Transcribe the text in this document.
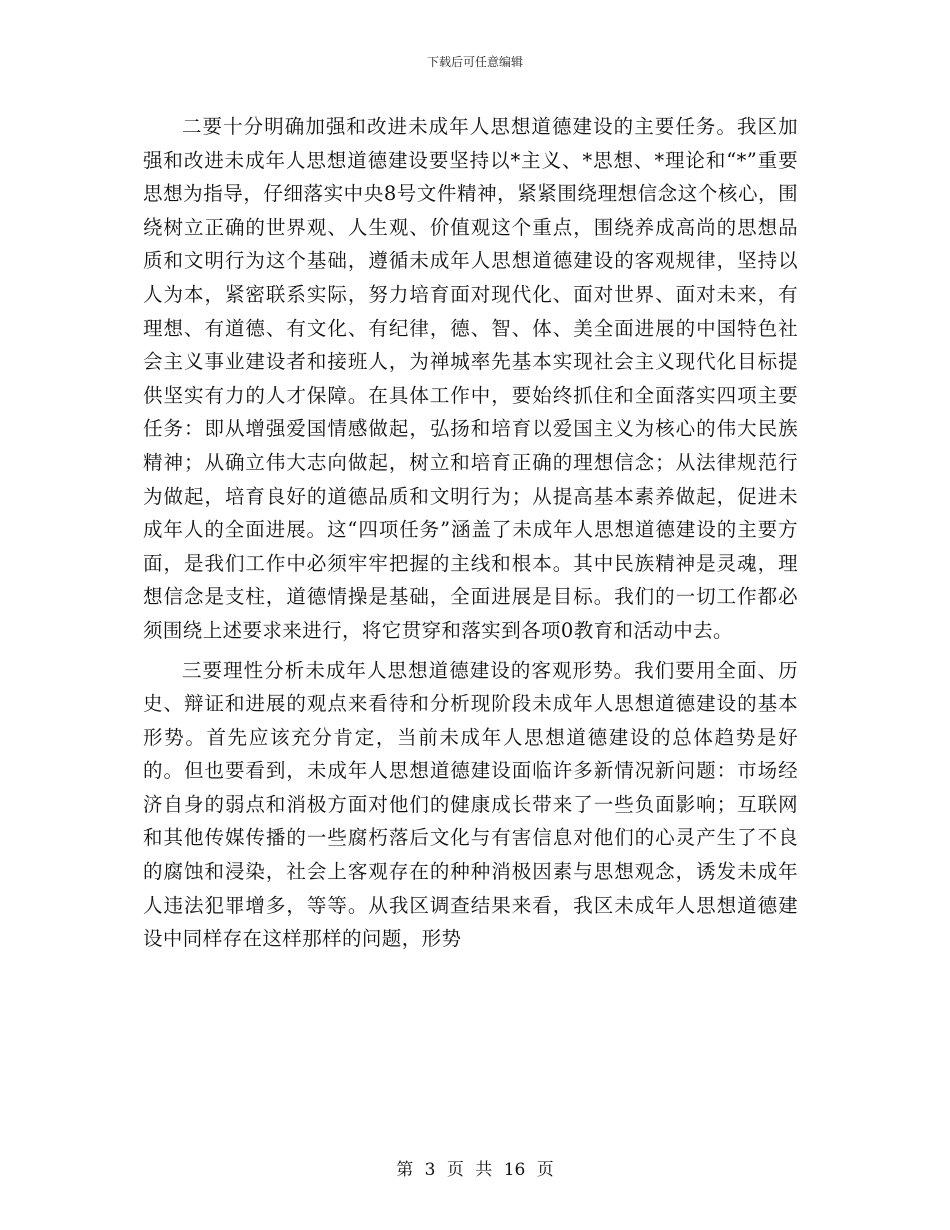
下载后可任意编辑

二要十分明确加强和改进未成年人思想道德建设的主要任务。我区加强和改进未成年人思想道德建设要坚持以*主义、*思想、*理论和“*”重要思想为指导，仔细落实中央8号文件精神，紧紧围绕理想信念这个核心，围绕树立正确的世界观、人生观、价值观这个重点，围绕养成高尚的思想品质和文明行为这个基础，遵循未成年人思想道德建设的客观规律，坚持以人为本，紧密联系实际，努力培育面对现代化、面对世界、面对未来，有理想、有道德、有文化、有纪律，德、智、体、美全面进展的中国特色社会主义事业建设者和接班人，为禅城率先基本实现社会主义现代化目标提供坚实有力的人才保障。在具体工作中，要始终抓住和全面落实四项主要任务：即从增强爱国情感做起，弘扬和培育以爱国主义为核心的伟大民族精神；从确立伟大志向做起，树立和培育正确的理想信念；从法律规范行为做起，培育良好的道德品质和文明行为；从提高基本素养做起，促进未成年人的全面进展。这“四项任务”涵盖了未成年人思想道德建设的主要方面，是我们工作中必须牢牢把握的主线和根本。其中民族精神是灵魂，理想信念是支柱，道德情操是基础，全面进展是目标。我们的一切工作都必须围绕上述要求来进行，将它贯穿和落实到各项0教育和活动中去。

三要理性分析未成年人思想道德建设的客观形势。我们要用全面、历史、辩证和进展的观点来看待和分析现阶段未成年人思想道德建设的基本形势。首先应该充分肯定，当前未成年人思想道德建设的总体趋势是好的。但也要看到，未成年人思想道德建设面临许多新情况新问题：市场经济自身的弱点和消极方面对他们的健康成长带来了一些负面影响；互联网和其他传媒传播的一些腐朽落后文化与有害信息对他们的心灵产生了不良的腐蚀和浸染，社会上客观存在的种种消极因素与思想观念，诱发未成年人违法犯罪增多，等等。从我区调查结果来看，我区未成年人思想道德建设中同样存在这样那样的问题，形势

第 3 页 共 16 页
